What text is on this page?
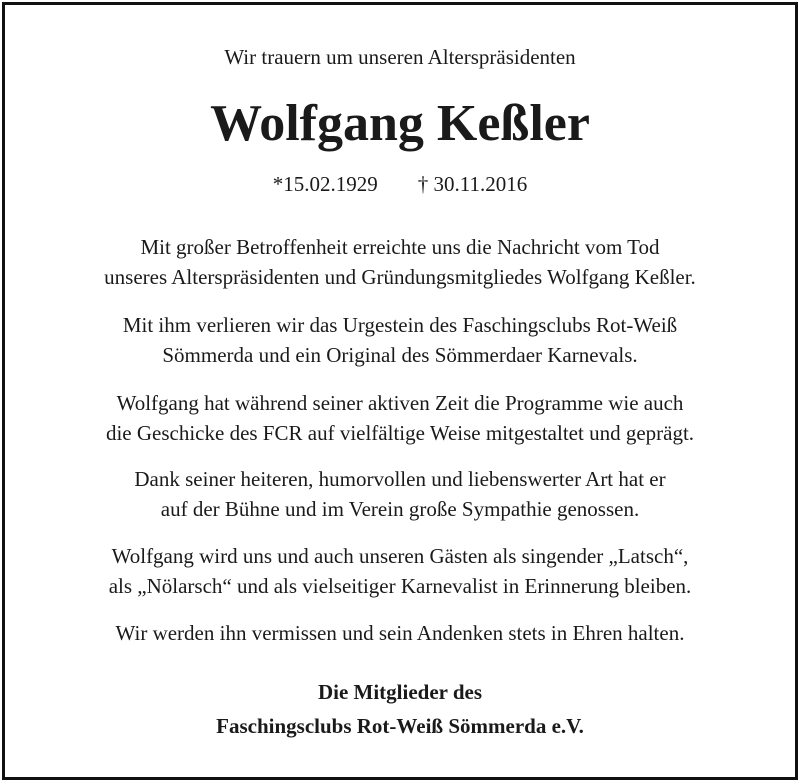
Wir trauern um unseren Alterspräsidenten
Wolfgang Keßler
*15.02.1929 † 30.11.2016
Mit großer Betroffenheit erreichte uns die Nachricht vom Tod
unseres Alterspräsidenten und Gründungsmitgliedes Wolfgang Keßler.
Mit ihm verlieren wir das Urgestein des Faschingsclubs Rot-Weiß
Sömmerda und ein Original des Sömmerdaer Karnevals.
Wolfgang hat während seiner aktiven Zeit die Programme wie auch
die Geschicke des FCR auf vielfältige Weise mitgestaltet und geprägt.
Dank seiner heiteren, humorvollen und liebenswerter Art hat er
auf der Bühne und im Verein große Sympathie genossen.
Wolfgang wird uns und auch unseren Gästen als singender „Latsch“,
als „Nölarsch“ und als vielseitiger Karnevalist in Erinnerung bleiben.
Wir werden ihn vermissen und sein Andenken stets in Ehren halten.
Die Mitglieder des
Faschingsclubs Rot-Weiß Sömmerda e.V.
